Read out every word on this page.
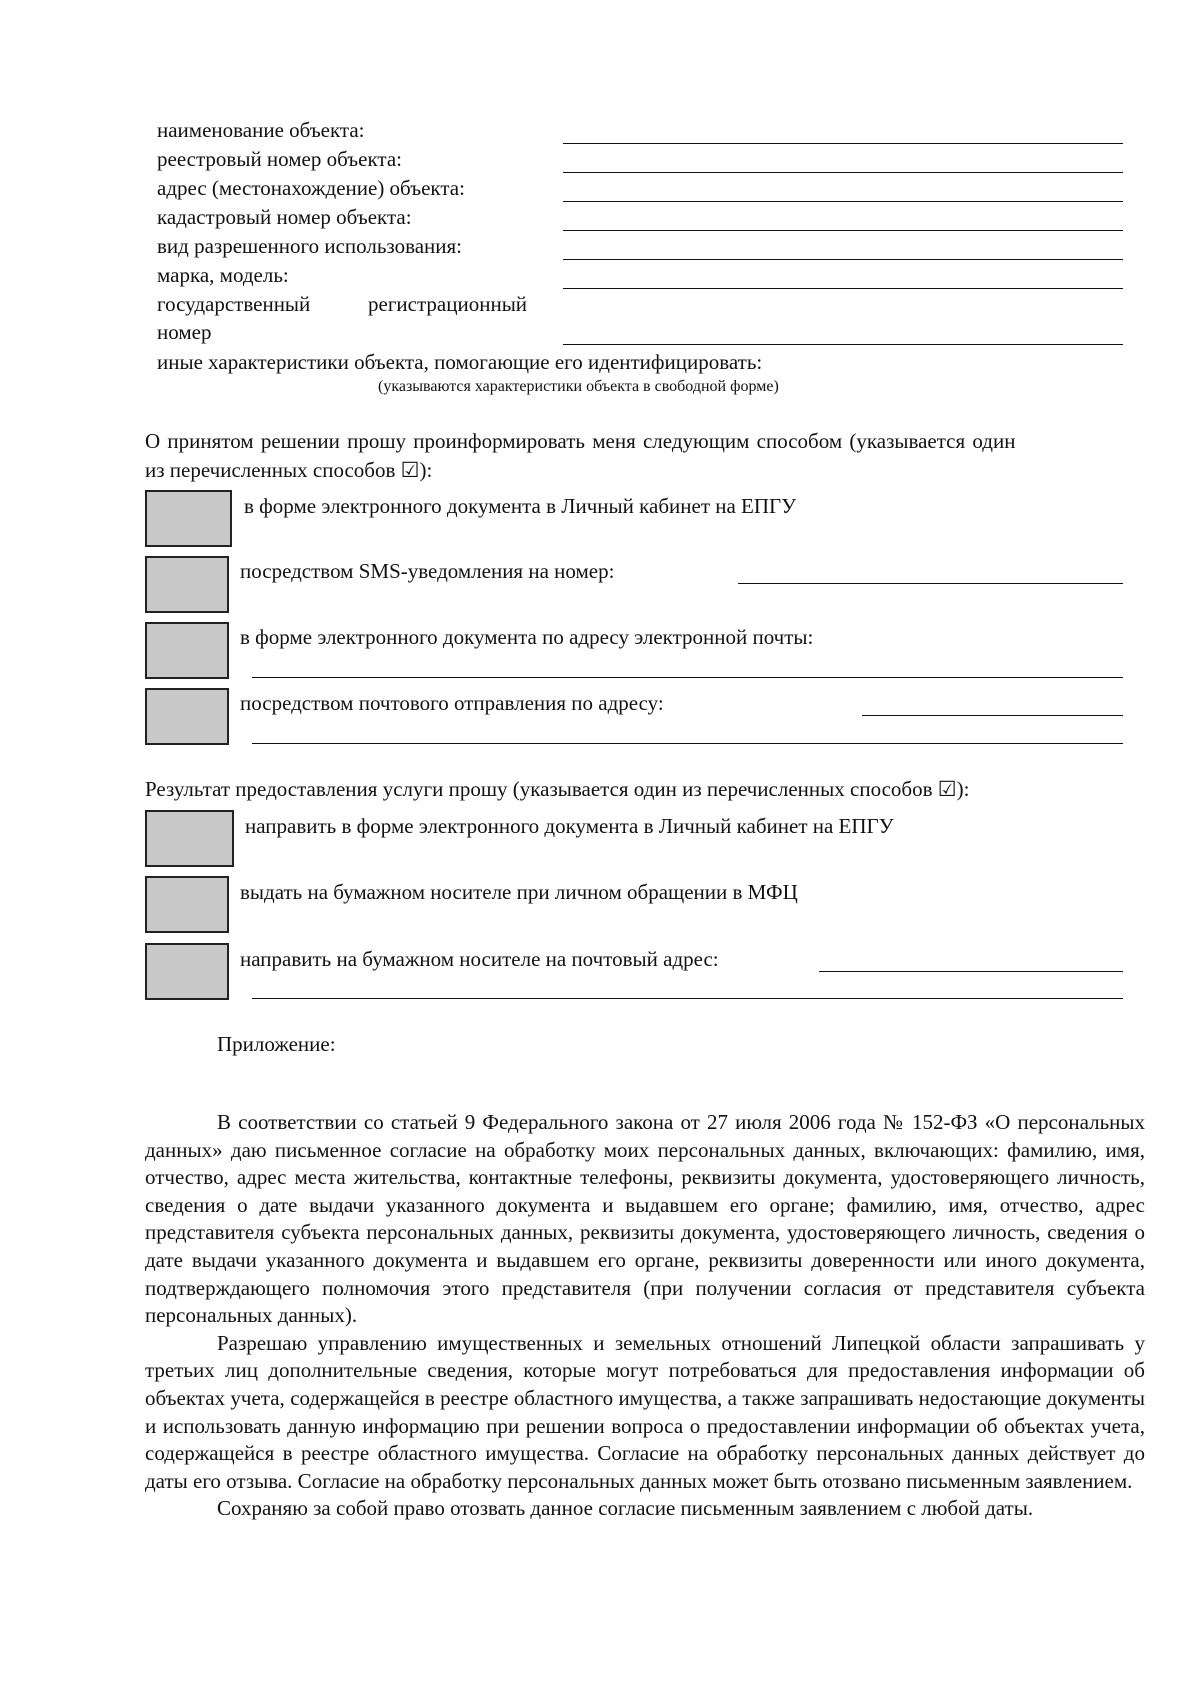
наименование объекта:
реестровый номер объекта:
адрес (местонахождение) объекта:
кадастровый номер объекта:
вид разрешенного использования:
марка, модель:
государственный	регистрационный
номер
иные характеристики объекта, помогающие его идентифицировать:
(указываются характеристики объекта в свободной форме)
О принятом решении прошу проинформировать меня следующим способом (указывается один
из перечисленных способов ☑):
в форме электронного документа в Личный кабинет на ЕПГУ
посредством SMS-уведомления на номер:
в форме электронного документа по адресу электронной почты:
посредством почтового отправления по адресу:
Результат предоставления услуги прошу (указывается один из перечисленных способов ☑):
направить в форме электронного документа в Личный кабинет на ЕПГУ
выдать на бумажном носителе при личном обращении в МФЦ
направить на бумажном носителе на почтовый адрес:
Приложение:

В соответствии со статьей 9 Федерального закона от 27 июля 2006 года № 152-ФЗ «О персональных данных» даю письменное согласие на обработку моих персональных данных, включающих: фамилию, имя, отчество, адрес места жительства, контактные телефоны, реквизиты документа, удостоверяющего личность, сведения о дате выдачи указанного документа и выдавшем его органе; фамилию, имя, отчество, адрес представителя субъекта персональных данных, реквизиты документа, удостоверяющего личность, сведения о дате выдачи указанного документа и выдавшем его органе, реквизиты доверенности или иного документа, подтверждающего полномочия этого представителя (при получении согласия от представителя субъекта персональных данных).

Разрешаю управлению имущественных и земельных отношений Липецкой области запрашивать у третьих лиц дополнительные сведения, которые могут потребоваться для предоставления информации об объектах учета, содержащейся в реестре областного имущества, а также запрашивать недостающие документы и использовать данную информацию при решении вопроса о предоставлении информации об объектах учета, содержащейся в реестре областного имущества. Согласие на обработку персональных данных действует до даты его отзыва. Согласие на обработку персональных данных может быть отозвано письменным заявлением.

Сохраняю за собой право отозвать данное согласие письменным заявлением с любой даты.
